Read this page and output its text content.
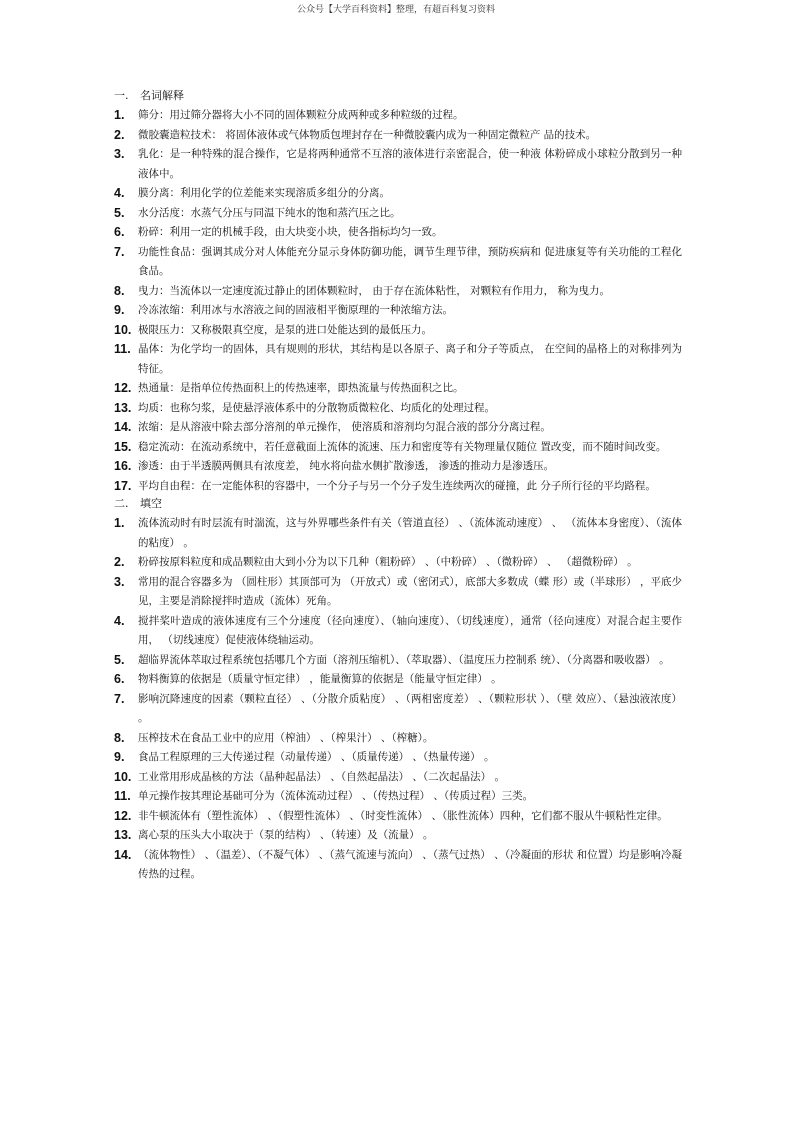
公众号【大学百科资料】整理，有超百科复习资料
一. 名词解释
1.	筛分：用过筛分器将大小不同的固体颗粒分成两种或多种粒级的过程。
2.	微胶囊造粒技术： 将固体液体或气体物质包埋封存在一种微胶囊内成为一种固定微粒产 品的技术。
3.	乳化：是一种特殊的混合操作，它是将两种通常不互溶的液体进行亲密混合，使一种液 体粉碎成小球粒分散到另一种液体中。
4.	膜分离：利用化学的位差能来实现溶质多组分的分离。
5.	水分活度：水蒸气分压与同温下纯水的饱和蒸汽压之比。
6.	粉碎：利用一定的机械手段，由大块变小块，使各指标均匀一致。
7.	功能性食品：强调其成分对人体能充分显示身体防御功能，调节生理节律，预防疾病和 促进康复等有关功能的工程化食品。
8.	曳力：当流体以一定速度流过静止的团体颗粒时， 由于存在流体粘性， 对颗粒有作用力， 称为曳力。
9.	冷冻浓缩：利用冰与水溶液之间的固液相平衡原理的一种浓缩方法。
10. 极限压力：又称极限真空度，是泵的进口处能达到的最低压力。
11. 晶体：为化学均一的固体，具有规则的形状，其结构是以各原子、离子和分子等质点， 在空间的晶格上的对称排列为特征。
12. 热通量：是指单位传热面积上的传热速率，即热流量与传热面积之比。
13. 均质：也称匀浆，是使悬浮液体系中的分散物质微粒化、均质化的处理过程。
14. 浓缩：是从溶液中除去部分溶剂的单元操作， 使溶质和溶剂均匀混合液的部分分离过程。
15. 稳定流动：在流动系统中，若任意截面上流体的流速、压力和密度等有关物理量仅随位 置改变，而不随时间改变。
16. 渗透：由于半透膜两侧具有浓度差， 纯水将向盐水侧扩散渗透， 渗透的推动力是渗透压。
17. 平均自由程：在一定能体积的容器中，一个分子与另一个分子发生连续两次的碰撞，此 分子所行径的平均路程。
二. 填空
1.	流体流动时有时层流有时湍流，这与外界哪些条件有关（管道直径） 、（流体流动速度） 、 （流体本身密度）、（流体的粘度） 。
2.	粉碎按原料粒度和成品颗粒由大到小分为以下几种（粗粉碎） 、（中粉碎） 、（微粉碎） 、 （超微粉碎） 。
3.	常用的混合容器多为 （圆柱形）其顶部可为 （开放式）或（密闭式），底部大多数成（蝶 形）或（半球形） ，平底少见，主要是消除搅拌时造成（流体）死角。
4.	搅拌桨叶造成的液体速度有三个分速度（径向速度）、（轴向速度）、（切线速度），通常（径向速度）对混合起主要作用， （切线速度）促使液体绕轴运动。
5.	超临界流体萃取过程系统包括哪几个方面（溶剂压缩机）、（萃取器）、（温度压力控制系 统）、（分离器和吸收器） 。
6.	物料衡算的依据是（质量守恒定律） ，能量衡算的依据是（能量守恒定律） 。
7.	影响沉降速度的因素（颗粒直径） 、（分散介质粘度） 、（两相密度差） 、（颗粒形状 ）、（壁 效应）、（悬浊液浓度） 。
8.	压榨技术在食品工业中的应用（榨油） 、（榨果汁） 、（榨糖）。
9.	食品工程原理的三大传递过程（动量传递） 、（质量传递） 、（热量传递） 。
10. 工业常用形成晶核的方法（晶种起晶法） 、（自然起晶法） 、（二次起晶法） 。
11. 单元操作按其理论基础可分为（流体流动过程） 、（传热过程） 、（传质过程）三类。
12. 非牛顿流体有（塑性流体） 、（假塑性流体） 、（时变性流体） 、（胀性流体）四种，它们都不服从牛顿粘性定律。
13. 离心泵的压头大小取决于（泵的结构） 、（转速）及（流量） 。
14. （流体物性） 、（温差）、（不凝气体） 、（蒸气流速与流向） 、（蒸气过热） 、（冷凝面的形状 和位置）均是影响冷凝传热的过程。
